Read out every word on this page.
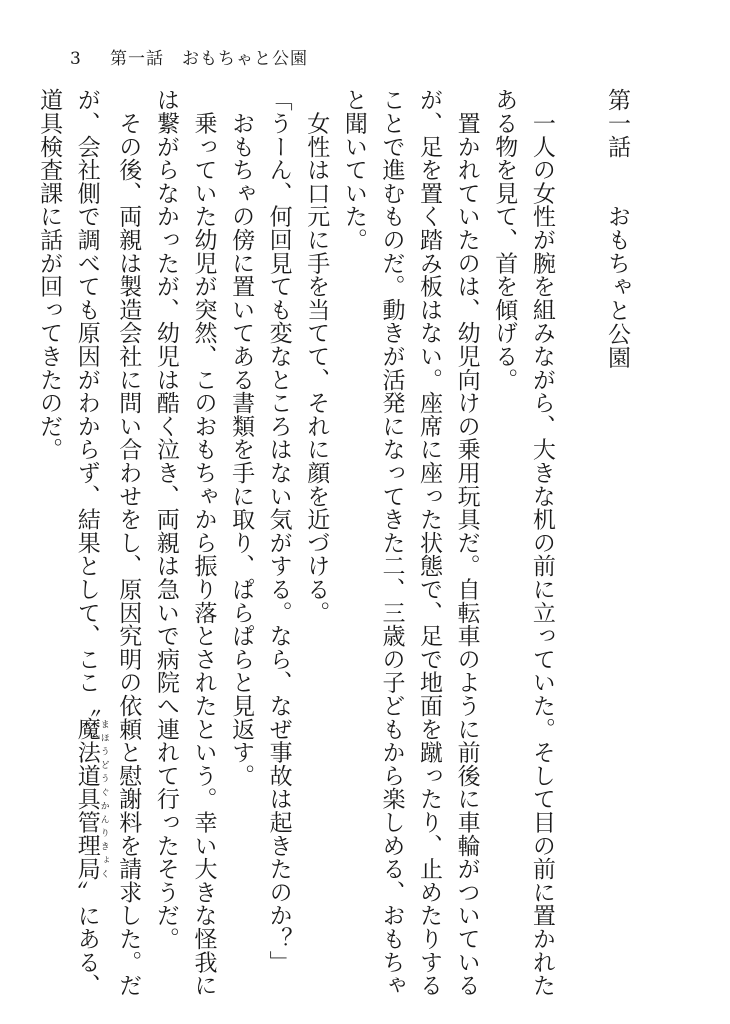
3 第一話　おもちゃと公園
第一話おもちゃと公園
　一人の女性が腕を組みながら、大きな机の前に立っていた。そして目の前に置かれた
ある物を見て、首を傾げる。
　置かれていたのは、幼児向けの乗用玩具だ。自転車のように前後に車輪がついている
が、足を置く踏み板はない。座席に座った状態で、足で地面を蹴ったり、止めたりする
ことで進むものだ。動きが活発になってきた二、三歳の子どもから楽しめる、おもちゃ
と聞いていた。
　女性は口元に手を当てて、それに顔を近づける。
「うーん、何回見ても変なところはない気がする。なら、なぜ事故は起きたのか？」
　おもちゃの傍に置いてある書類を手に取り、ぱらぱらと見返す。
　乗っていた幼児が突然、このおもちゃから振り落とされたという。幸い大きな怪我に
は繋がらなかったが、幼児は酷く泣き、両親は急いで病院へ連れて行ったそうだ。
　その後、両親は製造会社に問い合わせをし、原因究明の依頼と慰謝料を請求した。だ
が、会社側で調べても原因がわからず、結果として、ここ〝魔法道具管理局 まほうどうぐかんりきょく〟にある、
道具検査課に話が回ってきたのだ。
